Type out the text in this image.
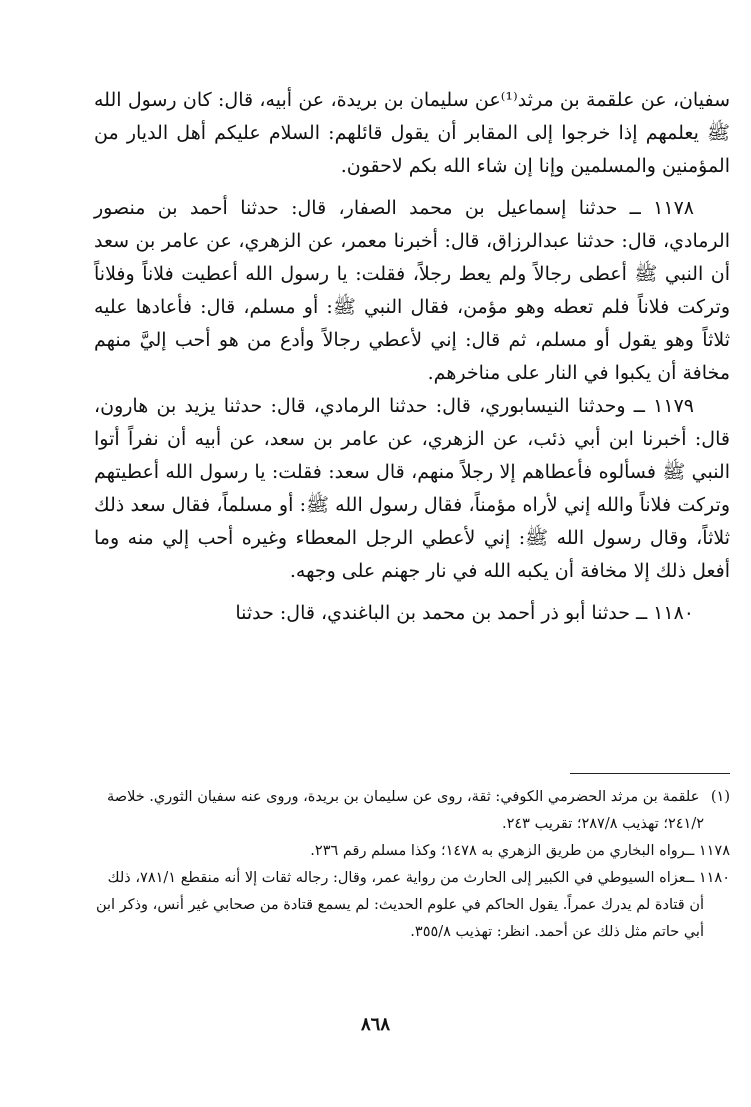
سفيان، عن علقمة بن مرثد⁽¹⁾عن سليمان بن بريدة، عن أبيه، قال: كان رسول الله ﷺ يعلمهم إذا خرجوا إلى المقابر أن يقول قائلهم: السلام عليكم أهل الديار من المؤمنين والمسلمين وإنا إن شاء الله بكم لاحقون.

١١٧٨ ــ حدثنا إسماعيل بن محمد الصفار، قال: حدثنا أحمد بن منصور الرمادي، قال: حدثنا عبدالرزاق، قال: أخبرنا معمر، عن الزهري، عن عامر بن سعد أن النبي ﷺ أعطى رجالاً ولم يعط رجلاً، فقلت: يا رسول الله أعطيت فلاناً وفلاناً وتركت فلاناً فلم تعطه وهو مؤمن، فقال النبي ﷺ: أو مسلم، قال: فأعادها عليه ثلاثاً وهو يقول أو مسلم، ثم قال: إني لأعطي رجالاً وأدع من هو أحب إليَّ منهم مخافة أن يكبوا في النار على مناخرهم.

١١٧٩ ــ وحدثنا النيسابوري، قال: حدثنا الرمادي، قال: حدثنا يزيد بن هارون، قال: أخبرنا ابن أبي ذئب، عن الزهري، عن عامر بن سعد، عن أبيه أن نفراً أتوا النبي ﷺ فسألوه فأعطاهم إلا رجلاً منهم، قال سعد: فقلت: يا رسول الله أعطيتهم وتركت فلاناً والله إني لأراه مؤمناً، فقال رسول الله ﷺ: أو مسلماً، فقال سعد ذلك ثلاثاً، وقال رسول الله ﷺ: إني لأعطي الرجل المعطاء وغيره أحب إلي منه وما أفعل ذلك إلا مخافة أن يكبه الله في نار جهنم على وجهه.

١١٨٠ ــ حدثنا أبو ذر أحمد بن محمد بن الباغندي، قال: حدثنا

(١) علقمة بن مرثد الحضرمي الكوفي: ثقة، روى عن سليمان بن بريدة، وروى عنه سفيان الثوري. خلاصة ٢٤١/٢؛ تهذيب ٢٨٧/٨؛ تقريب ٢٤٣.

١١٧٨ ــرواه البخاري من طريق الزهري به ١٤٧٨؛ وكذا مسلم رقم ٢٣٦.

١١٨٠ ــعزاه السيوطي في الكبير إلى الحارث من رواية عمر، وقال: رجاله ثقات إلا أنه منقطع ٧٨١/١، ذلك أن قتادة لم يدرك عمراً. يقول الحاكم في علوم الحديث: لم يسمع قتادة من صحابي غير أنس، وذكر ابن أبي حاتم مثل ذلك عن أحمد. انظر: تهذيب ٣٥٥/٨.

٨٦٨
